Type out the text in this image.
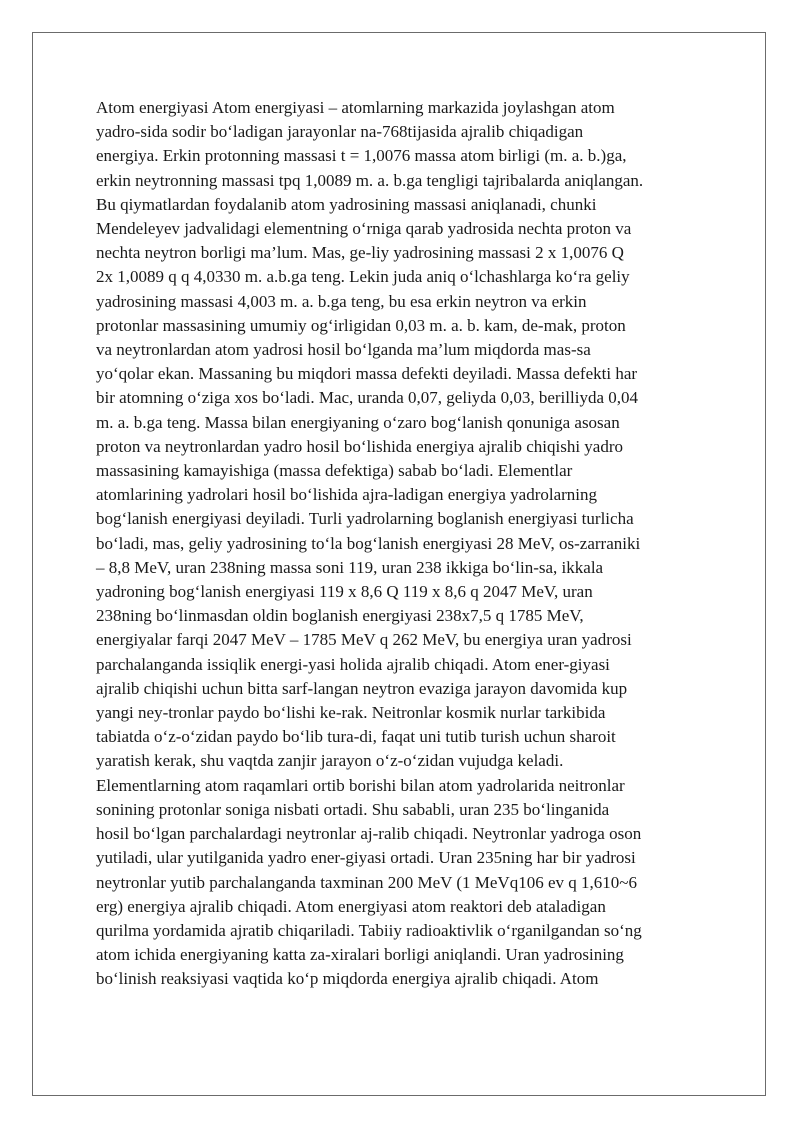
Atom energiyasi Atom energiyasi – atomlarning markazida joylashgan atom
yadro-sida sodir bo‘ladigan jarayonlar na-768tijasida ajralib chiqadigan
energiya. Erkin protonning massasi t = 1,0076 massa atom birligi (m. a. b.)ga,
erkin neytronning massasi tpq 1,0089 m. a. b.ga tengligi tajribalarda aniqlangan.
Bu qiymatlardan foydalanib atom yadrosining massasi aniqlanadi, chunki
Mendeleyev jadvalidagi elementning o‘rniga qarab yadrosida nechta proton va
nechta neytron borligi ma’lum. Mas, ge-liy yadrosining massasi 2 x 1,0076 Q
2x 1,0089 q q 4,0330 m. a.b.ga teng. Lekin juda aniq o‘lchashlarga ko‘ra geliy
yadrosining massasi 4,003 m. a. b.ga teng, bu esa erkin neytron va erkin
protonlar massasining umumiy og‘irligidan 0,03 m. a. b. kam, de-mak, proton
va neytronlardan atom yadrosi hosil bo‘lganda ma’lum miqdorda mas-sa
yo‘qolar ekan. Massaning bu miqdori massa defekti deyiladi. Massa defekti har
bir atomning o‘ziga xos bo‘ladi. Mac, uranda 0,07, geliyda 0,03, berilliyda 0,04
m. a. b.ga teng. Massa bilan energiyaning o‘zaro bog‘lanish qonuniga asosan
proton va neytronlardan yadro hosil bo‘lishida energiya ajralib chiqishi yadro
massasining kamayishiga (massa defektiga) sabab bo‘ladi. Elementlar
atomlarining yadrolari hosil bo‘lishida ajra-ladigan energiya yadrolarning
bog‘lanish energiyasi deyiladi. Turli yadrolarning boglanish energiyasi turlicha
bo‘ladi, mas, geliy yadrosining to‘la bog‘lanish energiyasi 28 MeV, os-zarraniki
– 8,8 MeV, uran 238ning massa soni 119, uran 238 ikkiga bo‘lin-sa, ikkala
yadroning bog‘lanish energiyasi 119 x 8,6 Q 119 x 8,6 q 2047 MeV, uran
238ning bo‘linmasdan oldin boglanish energiyasi 238x7,5 q 1785 MeV,
energiyalar farqi 2047 MeV – 1785 MeV q 262 MeV, bu energiya uran yadrosi
parchalanganda issiqlik energi-yasi holida ajralib chiqadi. Atom ener-giyasi
ajralib chiqishi uchun bitta sarf-langan neytron evaziga jarayon davomida kup
yangi ney-tronlar paydo bo‘lishi ke-rak. Neitronlar kosmik nurlar tarkibida
tabiatda o‘z-o‘zidan paydo bo‘lib tura-di, faqat uni tutib turish uchun sharoit
yaratish kerak, shu vaqtda zanjir jarayon o‘z-o‘zidan vujudga keladi.
Elementlarning atom raqamlari ortib borishi bilan atom yadrolarida neitronlar
sonining protonlar soniga nisbati ortadi. Shu sababli, uran 235 bo‘linganida
hosil bo‘lgan parchalardagi neytronlar aj-ralib chiqadi. Neytronlar yadroga oson
yutiladi, ular yutilganida yadro ener-giyasi ortadi. Uran 235ning har bir yadrosi
neytronlar yutib parchalanganda taxminan 200 MeV (1 MeVq106 ev q 1,610~6
erg) energiya ajralib chiqadi. Atom energiyasi atom reaktori deb ataladigan
qurilma yordamida ajratib chiqariladi. Tabiiy radioaktivlik o‘rganilgandan so‘ng
atom ichida energiyaning katta za-xiralari borligi aniqlandi. Uran yadrosining
bo‘linish reaksiyasi vaqtida ko‘p miqdorda energiya ajralib chiqadi. Atom
